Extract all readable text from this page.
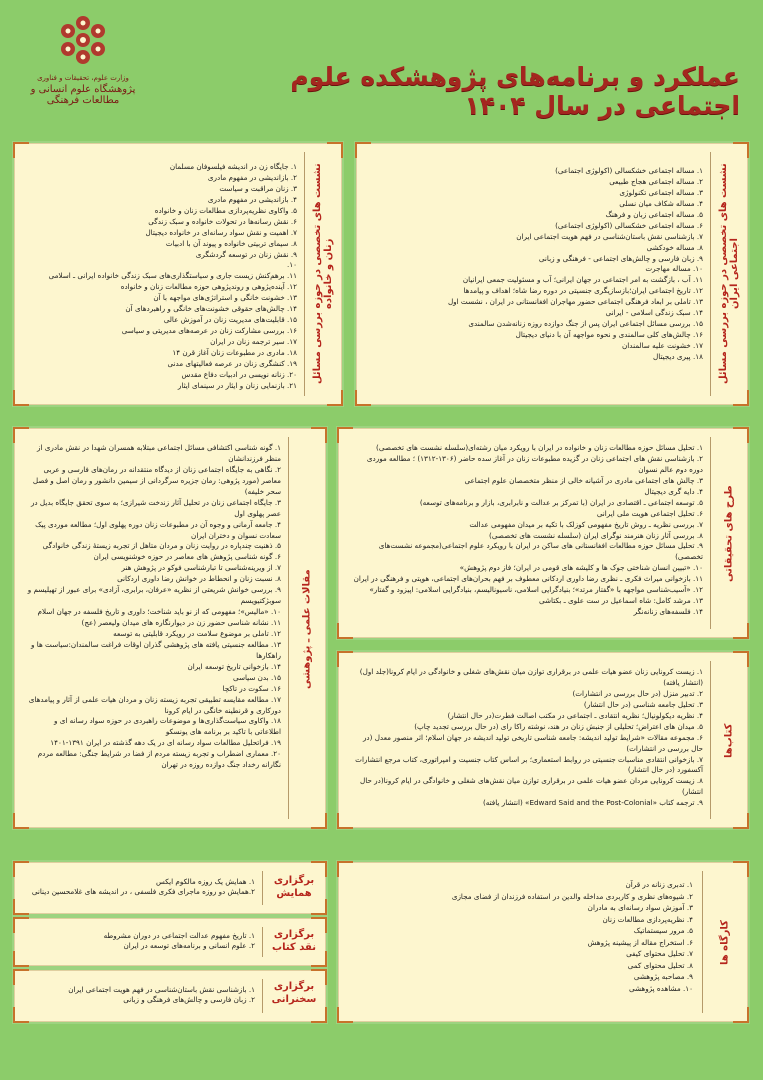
وزارت علوم، تحقیقات و فناوری
پژوهشگاه علوم انسانی و مطالعات فرهنگی
عملکرد و برنامه‌های پژوهشکده علوم اجتماعی در سال ۱۴۰۴
نشست های تخصصی در حوزه بررسی مسائل اجتماعی ایران
۱. مساله اجتماعی خشکسالی (اکولوژی اجتماعی)
۲. مساله اجتماعی هجاج طبیعی
۳. مساله اجتماعی تکنولوژی
۴. مساله شکاف میان نسلی
۵. مساله اجتماعی زبان و فرهنگ
۶. مساله اجتماعی خشکسالی (اکولوژی اجتماعی)
۷. بازشناسی نقش باستان‌شناسی در فهم هویت اجتماعی ایران
۸. مساله خودکشی
۹. زبان فارسی و چالش‌های اجتماعی - فرهنگی و زبانی
۱۰. مساله مهاجرت
۱۱. آب ، بازگشت به امر اجتماعی در جهان ایرانی؛ آب و مسئولیت جمعی ایرانیان
۱۲. تاریخ اجتماعی ایران؛بازسازیگری جنسیتی در دوره رضا شاه؛ اهداف و پیامدها
۱۳. تاملی بر ابعاد فرهنگی اجتماعی حضور مهاجران افغانستانی در ایران ، نشست اول
۱۴. سبک زندگی اسلامی - ایرانی
۱۵. بررسی مسائل اجتماعی ایران پس از جنگ دوازده روزه زنانه‌شدن سالمندی
۱۶. چالش‌های کلی سالمندی و نحوه مواجهه آن با دنیای دیجیتال
۱۷. خشونت علیه سالمندان
۱۸. پیری دیجیتال
نشست های تخصصی در حوزه بررسی مسائل زنان و خانواده
۱. جایگاه زن در اندیشه فیلسوفان مسلمان
۲. بازاندیشی در مفهوم مادری
۳. زنان مراقبت و سیاست
۴. بازاندیشی در مفهوم مادری
۵. واکاوی نظریه‌پردازی مطالعات زنان و خانواده
۶. نقش رسانه‌ها در تحولات خانواده و سبک زندگی
۷. اهمیت و نقش سواد رسانه‌ای در خانواده دیجیتال
۸. سیمای تربیتی خانواده و پیوند آن با ادبیات
۹. نقش زنان در توسعه گردشگری
۱۰.
۱۱. برهم‌کنش زیست جاری و سیاستگذاری‌های سبک زندگی خانواده ایرانی ـ اسلامی
۱۲. آینده‌پژوهی و روندپژوهی حوزه مطالعات زنان و خانواده
۱۳. خشونت خانگی و استراتژی‌های مواجهه با آن
۱۴. چالش‌های حقوقی خشونت‌های خانگی و راهبردهای آن
۱۵. قابلیت‌های مدیریت زنان در آموزش عالی
۱۶. بررسی مشارکت زنان در عرصه‌های مدیریتی و سیاسی
۱۷. سیر ترجمه زنان در ایران
۱۸. مادری در مطبوعات زنان آغاز قرن ۱۴
۱۹. کنشگری زنان در عرصه فعالیتهای مدنی
۲۰. زنانه نویسی در ادبیات دفاع مقدس
۲۱. بازنمایی زنان و ایثار در سینمای ایثار
طرح های تحقیقاتی
۱. تحلیل مسائل حوزه مطالعات زنان و خانواده در ایران با رویکرد میان رشته‌ای(سلسله نشست های تخصصی)
۲. بازشناسی نقش های اجتماعی زنان در گزیده مطبوعات زنان در آغاز سده حاضر (۱۳۰۶-۱۳۱۲) ؛ مطالعه موردی دوره دوم عالم نسوان
۳. چالش های اجتماعی مادری در آشیانه خالی از منظر متخصصان علوم اجتماعی
۴. دایه گری دیجیتال
۵. توسعه اجتماعی ـ اقتصادی در ایران (با تمرکز بر عدالت و نابرابری، بازار و برنامه‌های توسعه)
۶. تحلیل اجتماعی هویت ملی ایرانی
۷. بررسی نظریه ـ روش تاریخ مفهومی کوزلک با تکیه بر میدان مفهومی عدالت
۸. بررسی آثار زنان هنرمند نوگرای ایران (سلسله نشست های تخصصی)
۹. تحلیل مسائل حوزه مطالعات افغانستانی های ساکن در ایران با رویکرد علوم اجتماعی(مجموعه نشست‌های تخصصی)
۱۰. «تبیین انسان شناختی جوک ها و کلیشه های قومی در ایران؛ فاز دوم پژوهش»
۱۱. بازخوانی میراث فکری ـ نظری رضا داوری اردکانی معطوف بر فهم بحران‌های اجتماعی، هویتی و فرهنگی در ایران
۱۲. «آسیب‌شناسی مواجهه با «گفتار مرتد»؛ بنیادگرایی اسلامی، ناسیونالیسم، بنیادگرایی اسلامی: اپیزود و گفتار»
۱۳. مرشد کامل: شاه اسماعیل در ست علوی ـ بکتاشی
۱۴. فلسفه‌های زنانه‌نگر
مقالات علمی ـ پژوهشی
۱. گونه شناسی اکتشافی مسائل اجتماعی مبتلابه همسران شهدا در نقش مادری از منظر فرزندانشان
۲. نگاهی به جایگاه اجتماعی زنان از دیدگاه منتقدانه در رمان‌های فارسی و عربی معاصر (مورد پژوهی: رمان جزیره سرگردانی از سیمین دانشور و رمان اصل و فصل سحر خلیفه)
۳. جایگاه اجتماعی زنان در تحلیل آثار زندخت شیرازی؛ به سوی تحقق جایگاه بدیل در عصر پهلوی اول
۴. جامعه آرمانی و وجوه آن در مطبوعات زنان دوره پهلوی اول؛ مطالعه موردی پیک سعادت نسوان و دختران ایران
۵. ذهنیت چندپاره در روایت زنان و مردان متاهل از تجربه زیستهٔ زندگی خانوادگی
۶. گونه شناسی پژوهش های معاصر در حوزه خوشنویسی ایران
۷. از ویرینه‌شناسی تا تبارشناسی فوکو در پژوهش هنر
۸. نسبت زنان و انحطاط در خوانش رضا داوری اردکانی
۹. بررسی خوانش شریعتی از نظریه «عرفان، برابری، آزادی» برای عبور از تهیلیسم و سوبژکتیویسم
۱۰. «مالیس»؛ مفهومی که از نو باید شناخت؛ داوری و تاریخ فلسفه در جهان اسلام
۱۱. نشانه شناسی حضور زن در دیوارنگاره های میدان ولیعصر (عج)
۱۲. تاملی بر موضوع سلامت در رویکرد قابلیتی به توسعه
۱۳. مطالعه جنسیتی یافته های پژوهشی گذران اوقات فراغت سالمندان:سیاست ها و راهکارها
۱۴. بازخوانی تاریخ توسعه ایران
۱۵. بدن سیاسی
۱۶. سکوت در تاکچا
۱۷. مطالعه مقایسه تطبیقی تجربه زیسته زنان و مردان هیات علمی از آثار و پیامدهای دورکاری و قرنطینه خانگی در ایام کرونا
۱۸. واکاوی سیاست‌گذاری‌ها و موضوعات راهبردی در حوزه سواد رسانه ای و اطلاعاتی با تاکید بر برنامه های یونسکو
۱۹. فراتحلیل مطالعات سواد رسانه ای در یک دهه گذشته در ایران ۱۳۹۱-۱۴۰۱
۲۰. معماری اضطراب و تجربه زیسته مردم از فضا در شرایط جنگی: مطالعه مردم نگارانه رخداد جنگ دوازده روزه در تهران
کتاب‌ها
۱. زیست کرونایی زنان عضو هیات علمی در برقراری توازن میان نقش‌های شغلی و خانوادگی در ایام کرونا(جلد اول) (انتشار یافته)
۲. تدبیر منزل (در حال بررسی در انتشارات)
۳. تحلیل جامعه شناسی (در حال انتشار)
۴. نظریه دیکولونیال؛ نظریه انتقادی ـ اجتماعی در مکتب اصالت فطرت(در حال انتشار)
۵. میدان های اعتراض؛ تحلیلی از جنبش زنان در هند، نوشته راکا رای (در حال بررسی تجدید چاپ)
۶. مجموعه مقالات «شرایط تولید اندیشه: جامعه شناسی تاریخی تولید اندیشه در جهان اسلام؛ اثر منصور معدل (در حال بررسی در انتشارات)
۷. بازخوانی انتقادی مناسبات جنسیتی در روابط استعماری؛ بر اساس کتاب جنسیت و امپراتوری، کتاب مرجع انتشارات آکسفورد (در حال انتشار)
۸. زیست کرونایی مردان عضو هیات علمی در برقراری توازن میان نقش‌های شغلی و خانوادگی در ایام کرونا(در حال انتشار)
۹. ترجمه کتاب «Edward Said and the Post-Colonial» (انتشار یافته)
برگزاری همایش
۱. همایش یک روزه مالکوم ایکس
۲.همایش دو روزه ماجرای فکری فلسفی ، در اندیشه های غلامحسین دینانی
برگزاری نقد کتاب
۱. تاریخ مفهوم عدالت اجتماعی در دوران مشروطه
۲. علوم انسانی و برنامه‌های توسعه در ایران
برگزاری سخنرانی
۱. بازشناسی نقش باستان‌شناسی در فهم هویت اجتماعی ایران
۲. زبان فارسی و چالش‌های فرهنگی و زبانی
کارگاه ها
۱. تدبری زنانه در قرآن
۲. شیوه‌های نظری و کاربردی مداخله والدین در استفاده فرزندان از فضای مجازی
۳. آموزش سواد رسانه‌ای به مادران
۴. نظریه‌پردازی مطالعات زنان
۵. مرور سیستماتیک
۶. استخراج مقاله از پیشینه پژوهش
۷. تحلیل محتوای کیفی
۸. تحلیل محتوای کمی
۹. مصاحبه پژوهشی
۱۰. مشاهده پژوهشی
